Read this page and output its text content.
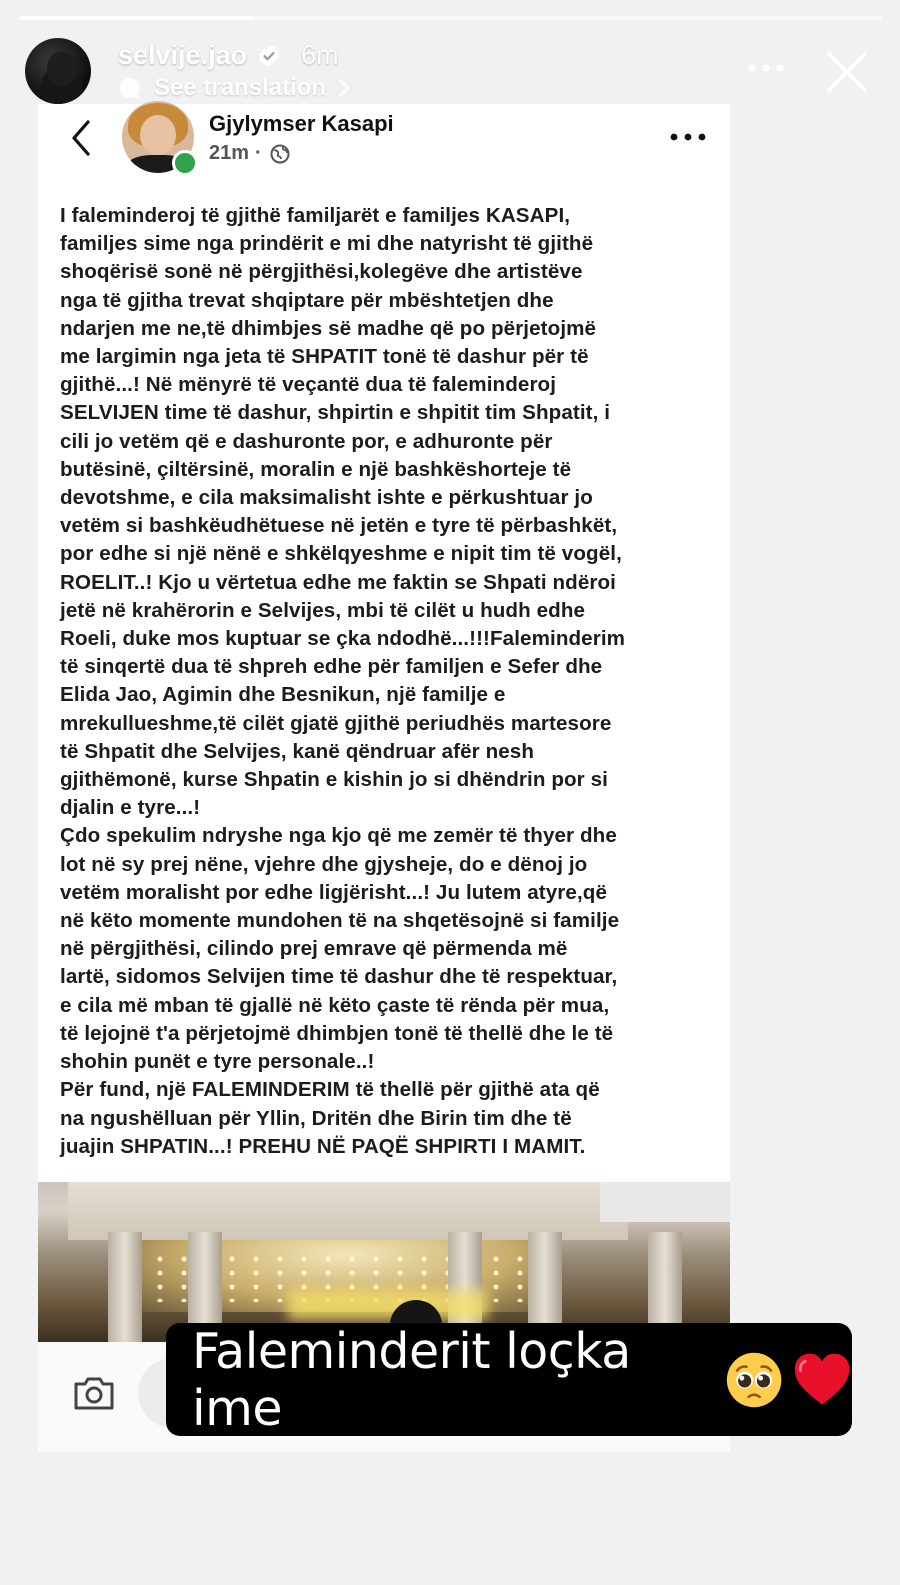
selvije.jao 6m
See translation
Gjylymser Kasapi
21m ·

I faleminderoj të gjithë familjarët e familjes KASAPI,
familjes sime nga prindërit e mi dhe natyrisht të gjithë
shoqërisë sonë në përgjithësi,kolegëve dhe artistëve
nga të gjitha trevat shqiptare për mbështetjen dhe
ndarjen me ne,të dhimbjes së madhe që po përjetojmë
me largimin nga jeta të SHPATIT tonë të dashur për të
gjithë...! Në mënyrë të veçantë dua të faleminderoj
SELVIJEN time të dashur, shpirtin e shpitit tim Shpatit, i
cili jo vetëm që e dashuronte por, e adhuronte për
butësinë, çiltërsinë, moralin e një bashkëshorteje të
devotshme, e cila maksimalisht ishte e përkushtuar jo
vetëm si bashkëudhëtuese në jetën e tyre të përbashkët,
por edhe si një nënë e shkëlqyeshme e nipit tim të vogël,
ROELIT..! Kjo u vërtetua edhe me faktin se Shpati ndëroi
jetë në krahërorin e Selvijes, mbi të cilët u hudh edhe
Roeli, duke mos kuptuar se çka ndodhë...!!!Faleminderim
të sinqertë dua të shpreh edhe për familjen e Sefer dhe
Elida Jao, Agimin dhe Besnikun, një familje e
mrekullueshme,të cilët gjatë gjithë periudhës martesore
të Shpatit dhe Selvijes, kanë qëndruar afër nesh
gjithëmonë, kurse Shpatin e kishin jo si dhëndrin por si
djalin e tyre...!

Çdo spekulim ndryshe nga kjo që me zemër të thyer dhe
lot në sy prej nëne, vjehre dhe gjysheje, do e dënoj jo
vetëm moralisht por edhe ligjërisht...! Ju lutem atyre,që
në këto momente mundohen të na shqetësojnë si familje
në përgjithësi, cilindo prej emrave që përmenda më
lartë, sidomos Selvijen time të dashur dhe të respektuar,
e cila më mban të gjallë në këto çaste të rënda për mua,
të lejojnë t'a përjetojmë dhimbjen tonë të thellë dhe le të
shohin punët e tyre personale..!

Për fund, një FALEMINDERIM të thellë për gjithë ata që
na ngushëlluan për Yllin, Dritën dhe Birin tim dhe të
juajin SHPATIN...! PREHU NË PAQË SHPIRTI I MAMIT.

Faleminderit loçka ime
